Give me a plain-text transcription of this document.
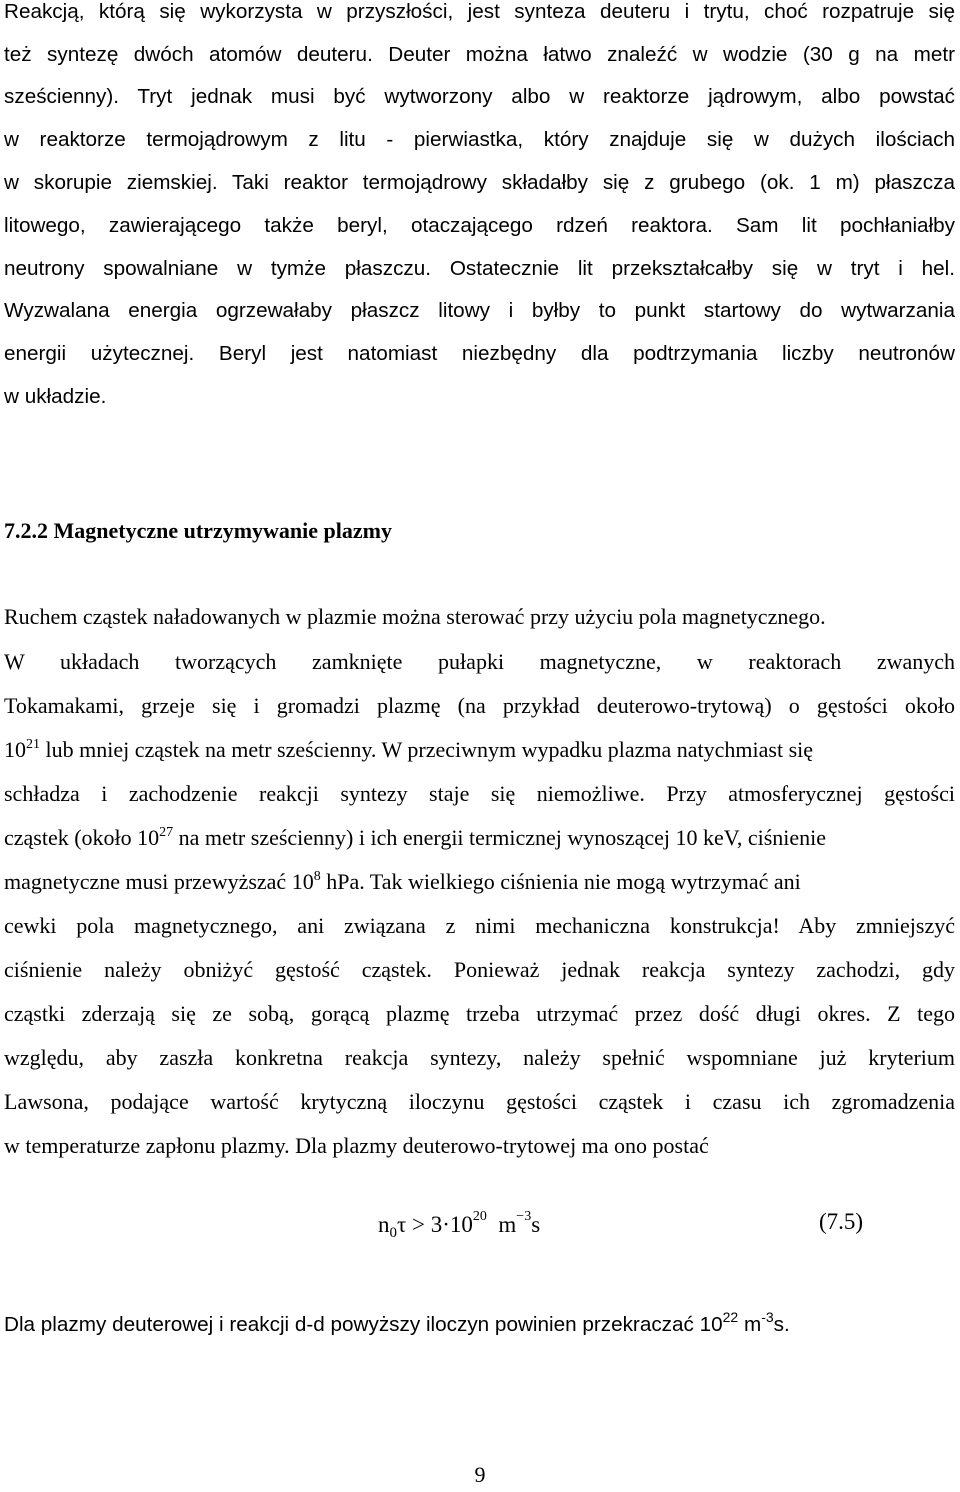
Reakcją, którą się wykorzysta w przyszłości, jest synteza deuteru i trytu, choć rozpatruje się

też syntezę dwóch atomów deuteru. Deuter można łatwo znaleźć w wodzie (30 g na metr

sześcienny). Tryt jednak musi być wytworzony albo w reaktorze jądrowym, albo powstać

w reaktorze termojądrowym z litu - pierwiastka, który znajduje się w dużych ilościach

w skorupie ziemskiej. Taki reaktor termojądrowy składałby się z grubego (ok. 1 m) płaszcza

litowego, zawierającego także beryl, otaczającego rdzeń reaktora. Sam lit pochłaniałby

neutrony spowalniane w tymże płaszczu. Ostatecznie lit przekształcałby się w tryt i hel.

Wyzwalana energia ogrzewałaby płaszcz litowy i byłby to punkt startowy do wytwarzania

energii użytecznej. Beryl jest natomiast niezbędny dla podtrzymania liczby neutronów

w układzie.

7.2.2 Magnetyczne utrzymywanie plazmy

Ruchem cząstek naładowanych w plazmie można sterować przy użyciu pola magnetycznego.

W układach tworzących zamknięte pułapki magnetyczne, w reaktorach zwanych

Tokamakami, grzeje się i gromadzi plazmę (na przykład deuterowo-trytową) o gęstości około

$10^{21}$ lub mniej cząstek na metr sześcienny. W przeciwnym wypadku plazma natychmiast się

schładza i zachodzenie reakcji syntezy staje się niemożliwe. Przy atmosferycznej gęstości

cząstek (około $10^{27}$ na metr sześcienny) i ich energii termicznej wynoszącej 10 keV, ciśnienie

magnetyczne musi przewyższać $10^8$ hPa. Tak wielkiego ciśnienia nie mogą wytrzymać ani

cewki pola magnetycznego, ani związana z nimi mechaniczna konstrukcja! Aby zmniejszyć

ciśnienie należy obniżyć gęstość cząstek. Ponieważ jednak reakcja syntezy zachodzi, gdy

cząstki zderzają się ze sobą, gorącą plazmę trzeba utrzymać przez dość długi okres. Z tego

względu, aby zaszła konkretna reakcja syntezy, należy spełnić wspomniane już kryterium

Lawsona, podające wartość krytyczną iloczynu gęstości cząstek i czasu ich zgromadzenia

w temperaturze zapłonu plazmy. Dla plazmy deuterowo-trytowej ma ono postać

$n_0\tau > 3\cdot 10^{20}$ $m^{-3}s$	(7.5)

Dla plazmy deuterowej i reakcji d-d powyższy iloczyn powinien przekraczać $10^{22}$ $m^{-3}s$.

9
